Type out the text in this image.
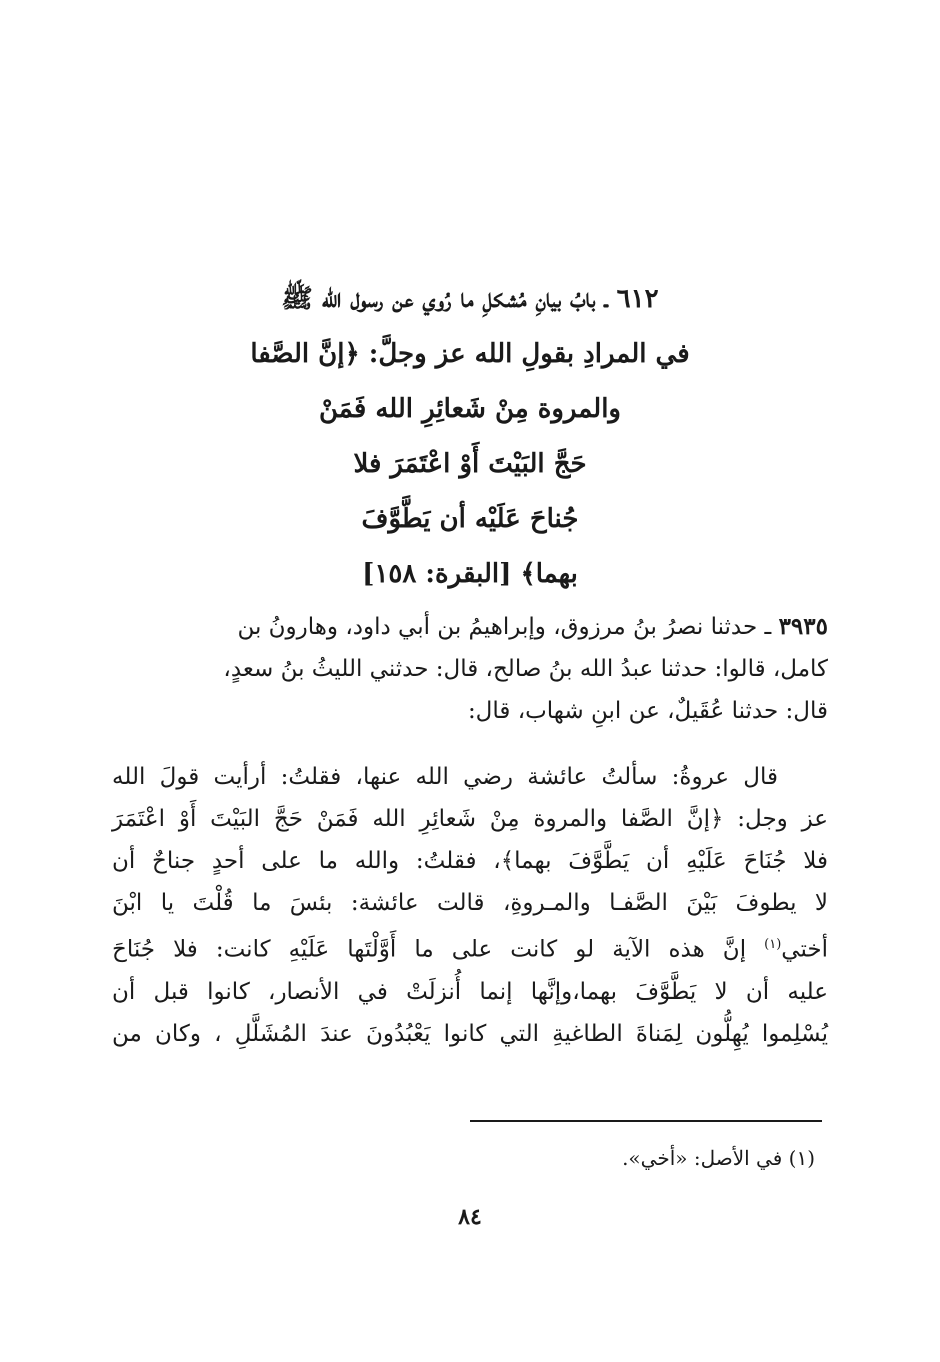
٦١٢ ـ بابُ بيانِ مُشكلِ ما رُوي عن رسول الله ﷺ
في المرادِ بقولِ الله عز وجلَّ: ﴿إنَّ الصَّفا
والمروة مِنْ شَعائِرِ الله فَمَنْ
حَجَّ البَيْتَ أَوْ اعْتَمَرَ فلا
جُناحَ عَلَيْه أن يَطَّوَّفَ
بهما﴾ [البقرة: ١٥٨]
٣٩٣٥ ـ حدثنا نصرُ بنُ مرزوق، وإبراهيمُ بن أبي داود، وهارونُ بن
كامل، قالوا: حدثنا عبدُ الله بنُ صالح، قال: حدثني الليثُ بنُ سعدٍ،
قال: حدثنا عُقَيلٌ، عن ابنِ شهاب، قال:
قال عروةُ: سألتُ عائشة رضي الله عنها، فقلتُ: أرأيت قولَ الله
عز وجل: ﴿إنَّ الصَّفا والمروة مِنْ شَعائِرِ الله فَمَنْ حَجَّ البَيْتَ أَوْ اعْتَمَرَ
فلا جُنَاحَ عَلَيْهِ أن يَطَّوَّفَ بهما﴾، فقلتُ: والله ما على أحدٍ جناحٌ أن
لا يطوفَ بَيْنَ الصَّفـا والمـروةِ، قالت عائشة: بئسَ ما قُلْتَ يا ابْنَ
أختي$^{(١)}$ إنَّ هذه الآية لو كانت على ما أَوَّلْتَها عَلَيْهِ كانت: فلا جُنَاحَ
عليه أن لا يَطَّوَّفَ بهما،وإنَّها إنما أُنزلَتْ في الأنصار، كانوا قبل أن
يُسْلِموا يُهِلُّون لِمَناةَ الطاغيةِ التي كانوا يَعْبُدُونَ عندَ المُشَلَّلِ ، وكان من
(١) في الأصل: «أخي».
٨٤
